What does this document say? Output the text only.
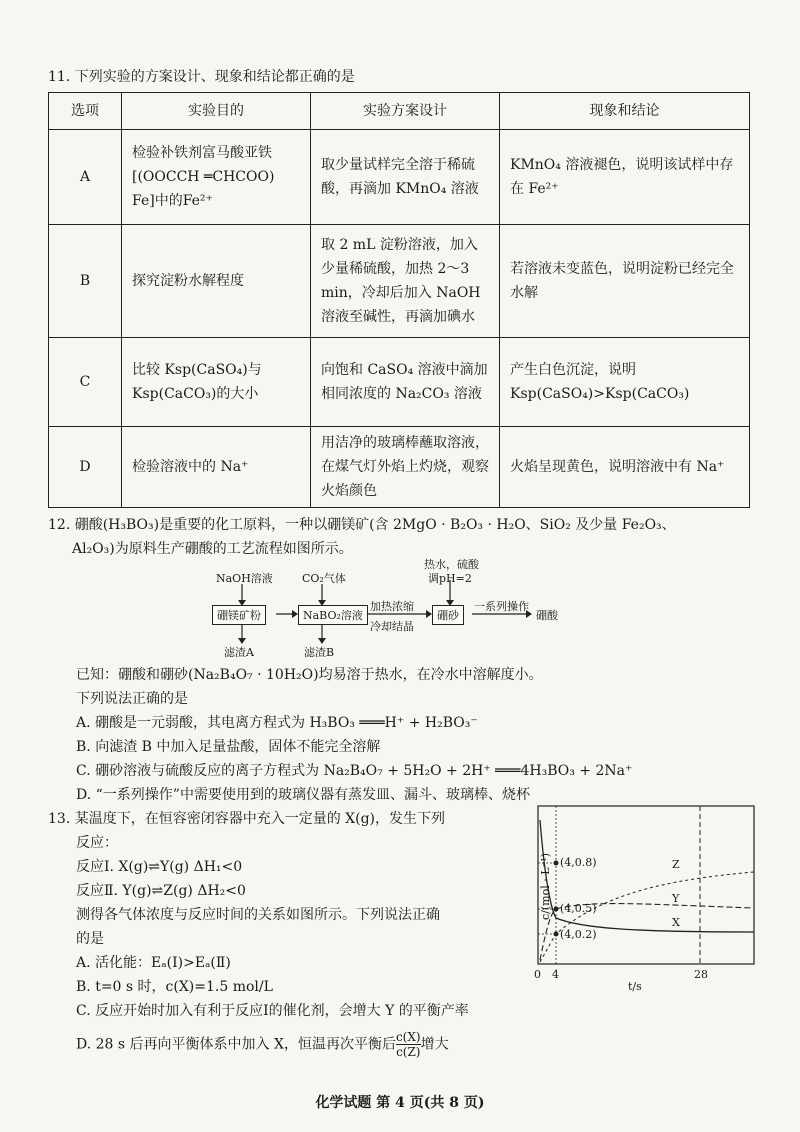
11. 下列实验的方案设计、现象和结论都正确的是
选项	实验目的	实验方案设计	现象和结论
A	检验补铁剂富马酸亚铁[(OOCCH ═CHCOO) Fe]中的Fe²⁺	取少量试样完全溶于稀硫酸，再滴加 KMnO₄ 溶液	KMnO₄ 溶液褪色，说明该试样中存在 Fe²⁺
B	探究淀粉水解程度	取 2 mL 淀粉溶液，加入少量稀硫酸，加热 2～3 min，冷却后加入 NaOH 溶液至碱性，再滴加碘水	若溶液未变蓝色，说明淀粉已经完全水解
C	比较 Ksp(CaSO₄)与 Ksp(CaCO₃)的大小	向饱和 CaSO₄ 溶液中滴加相同浓度的 Na₂CO₃ 溶液	产生白色沉淀，说明 Ksp(CaSO₄)>Ksp(CaCO₃)
D	检验溶液中的 Na⁺	用洁净的玻璃棒蘸取溶液，在煤气灯外焰上灼烧，观察火焰颜色	火焰呈现黄色，说明溶液中有 Na⁺
12. 硼酸(H₃BO₃)是重要的化工原料，一种以硼镁矿(含 2MgO · B₂O₃ · H₂O、SiO₂ 及少量 Fe₂O₃、
Al₂O₃)为原料生产硼酸的工艺流程如图所示。
NaOH溶液	CO₂气体
热水，硫酸
调pH=2
硼镁矿粉	NaBO₂溶液	硼砂
加热浓缩
冷却结晶
一系列操作
硼酸
滤渣A	滤渣B
已知：硼酸和硼砂(Na₂B₄O₇ · 10H₂O)均易溶于热水，在冷水中溶解度小。
下列说法正确的是
A. 硼酸是一元弱酸，其电离方程式为 H₃BO₃ ═══H⁺ + H₂BO₃⁻
B. 向滤渣 B 中加入足量盐酸，固体不能完全溶解
C. 硼砂溶液与硫酸反应的离子方程式为 Na₂B₄O₇ + 5H₂O + 2H⁺ ═══4H₃BO₃ + 2Na⁺
D. “一系列操作”中需要使用到的玻璃仪器有蒸发皿、漏斗、玻璃棒、烧杯
13. 某温度下，在恒容密闭容器中充入一定量的 X(g)，发生下列
反应：
反应Ⅰ. X(g)⇌Y(g) ΔH₁<0
反应Ⅱ. Y(g)⇌Z(g) ΔH₂<0
测得各气体浓度与反应时间的关系如图所示。下列说法正确
的是
A. 活化能：Eₐ(Ⅰ)>Eₐ(Ⅱ)
B. t=0 s 时，c(X)=1.5 mol/L
C. 反应开始时加入有利于反应Ⅰ的催化剂，会增大 Y 的平衡产率
D. 28 s 后再向平衡体系中加入 X，恒温再次平衡后 $\frac{c(X)}{c(Z)}$ 增大
c/(mol · L⁻¹) (4,0.8)
(4,0.5)
(4,0.2)
Z
Y
X
0 4	28
t/s
化学试题 第 4 页(共 8 页)
